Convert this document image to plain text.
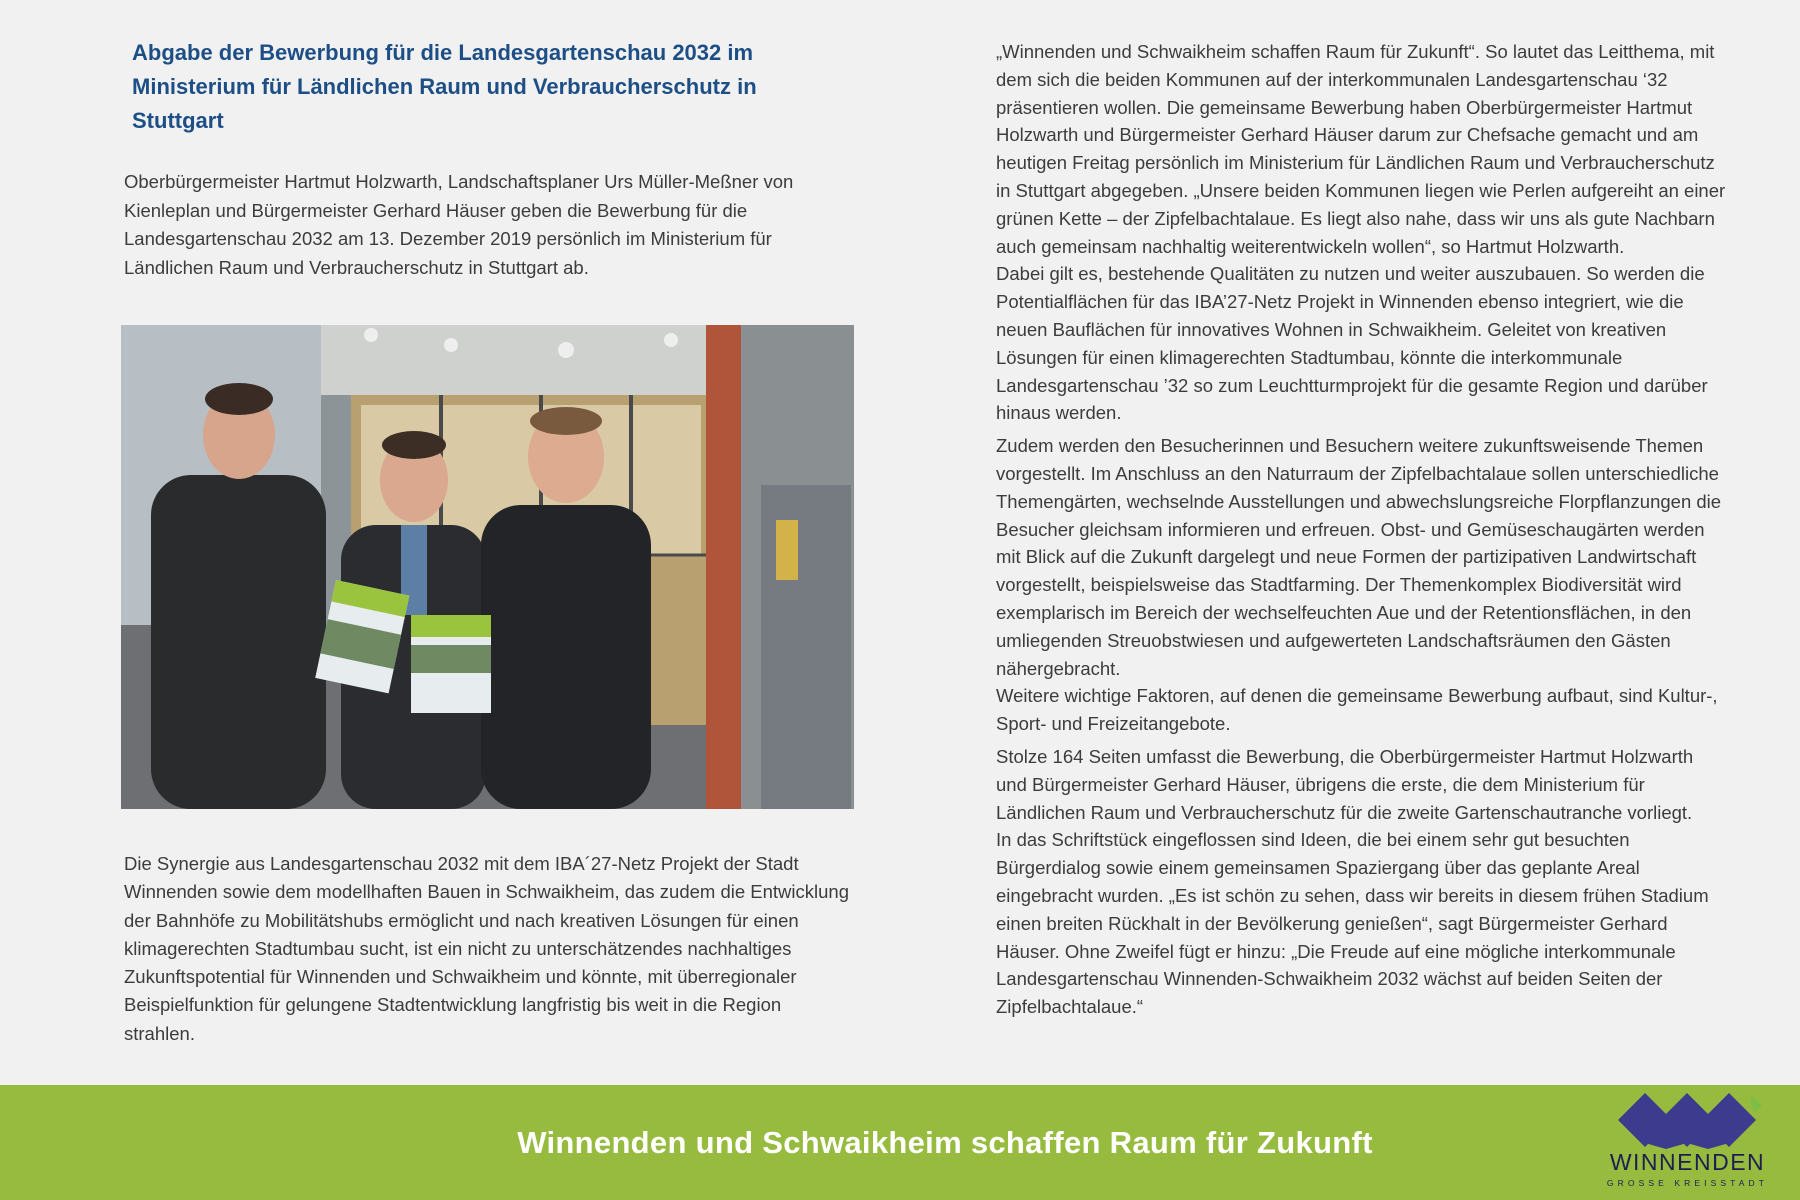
Abgabe der Bewerbung für die Landesgartenschau 2032 im Ministerium für Ländlichen Raum und Verbraucherschutz in Stuttgart

Oberbürgermeister Hartmut Holzwarth, Landschaftsplaner Urs Müller-Meßner von Kienleplan und Bürgermeister Gerhard Häuser geben die Bewerbung für die Landesgartenschau 2032 am 13. Dezember 2019 persönlich im Ministerium für Ländlichen Raum und Verbraucherschutz in Stuttgart ab.

Die Synergie aus Landesgartenschau 2032 mit dem IBA´27-Netz Projekt der Stadt Winnenden sowie dem modellhaften Bauen in Schwaikheim, das zudem die Entwicklung der Bahnhöfe zu Mobilitätshubs ermöglicht und nach kreativen Lösungen für einen klimagerechten Stadtumbau sucht, ist ein nicht zu unterschätzendes nachhaltiges Zukunftspotential für Winnenden und Schwaikheim und könnte, mit überregionaler Beispielfunktion für gelungene Stadtentwicklung langfristig bis weit in die Region strahlen.

„Winnenden und Schwaikheim schaffen Raum für Zukunft“. So lautet das Leitthema, mit dem sich die beiden Kommunen auf der interkommunalen Landesgartenschau ‘32 präsentieren wollen. Die gemeinsame Bewerbung haben Oberbürgermeister Hartmut Holzwarth und Bürgermeister Gerhard Häuser darum zur Chefsache gemacht und am heutigen Freitag persönlich im Ministerium für Ländlichen Raum und Verbraucherschutz in Stuttgart abgegeben. „Unsere beiden Kommunen liegen wie Perlen aufgereiht an einer grünen Kette – der Zipfelbachtalaue. Es liegt also nahe, dass wir uns als gute Nachbarn auch gemeinsam nachhaltig weiterentwickeln wollen“, so Hartmut Holzwarth.

Dabei gilt es, bestehende Qualitäten zu nutzen und weiter auszubauen. So werden die Potentialflächen für das IBA’27-Netz Projekt in Winnenden ebenso integriert, wie die neuen Bauflächen für innovatives Wohnen in Schwaikheim. Geleitet von kreativen Lösungen für einen klimagerechten Stadtumbau, könnte die interkommunale Landesgartenschau ’32 so zum Leuchtturmprojekt für die gesamte Region und darüber hinaus werden.

Zudem werden den Besucherinnen und Besuchern weitere zukunftsweisende Themen vorgestellt. Im Anschluss an den Naturraum der Zipfelbachtalaue sollen unterschiedliche Themengärten, wechselnde Ausstellungen und abwechslungsreiche Florpflanzungen die Besucher gleichsam informieren und erfreuen. Obst- und Gemüseschaugärten werden mit Blick auf die Zukunft dargelegt und neue Formen der partizipativen Landwirtschaft vorgestellt, beispielsweise das Stadtfarming. Der Themenkomplex Biodiversität wird exemplarisch im Bereich der wechselfeuchten Aue und der Retentionsflächen, in den umliegenden Streuobstwiesen und aufgewerteten Landschaftsräumen den Gästen nähergebracht.

Weitere wichtige Faktoren, auf denen die gemeinsame Bewerbung aufbaut, sind Kultur-, Sport- und Freizeitangebote.

Stolze 164 Seiten umfasst die Bewerbung, die Oberbürgermeister Hartmut Holzwarth und Bürgermeister Gerhard Häuser, übrigens die erste, die dem Ministerium für Ländlichen Raum und Verbraucherschutz für die zweite Gartenschautranche vorliegt.

In das Schriftstück eingeflossen sind Ideen, die bei einem sehr gut besuchten Bürgerdialog sowie einem gemeinsamen Spaziergang über das geplante Areal eingebracht wurden. „Es ist schön zu sehen, dass wir bereits in diesem frühen Stadium einen breiten Rückhalt in der Bevölkerung genießen“, sagt Bürgermeister Gerhard Häuser. Ohne Zweifel fügt er hinzu: „Die Freude auf eine mögliche interkommunale Landesgartenschau Winnenden-Schwaikheim 2032 wächst auf beiden Seiten der Zipfelbachtalaue.“

Winnenden und Schwaikheim schaffen Raum für Zukunft
WINNENDEN
GROSSE KREISSTADT
